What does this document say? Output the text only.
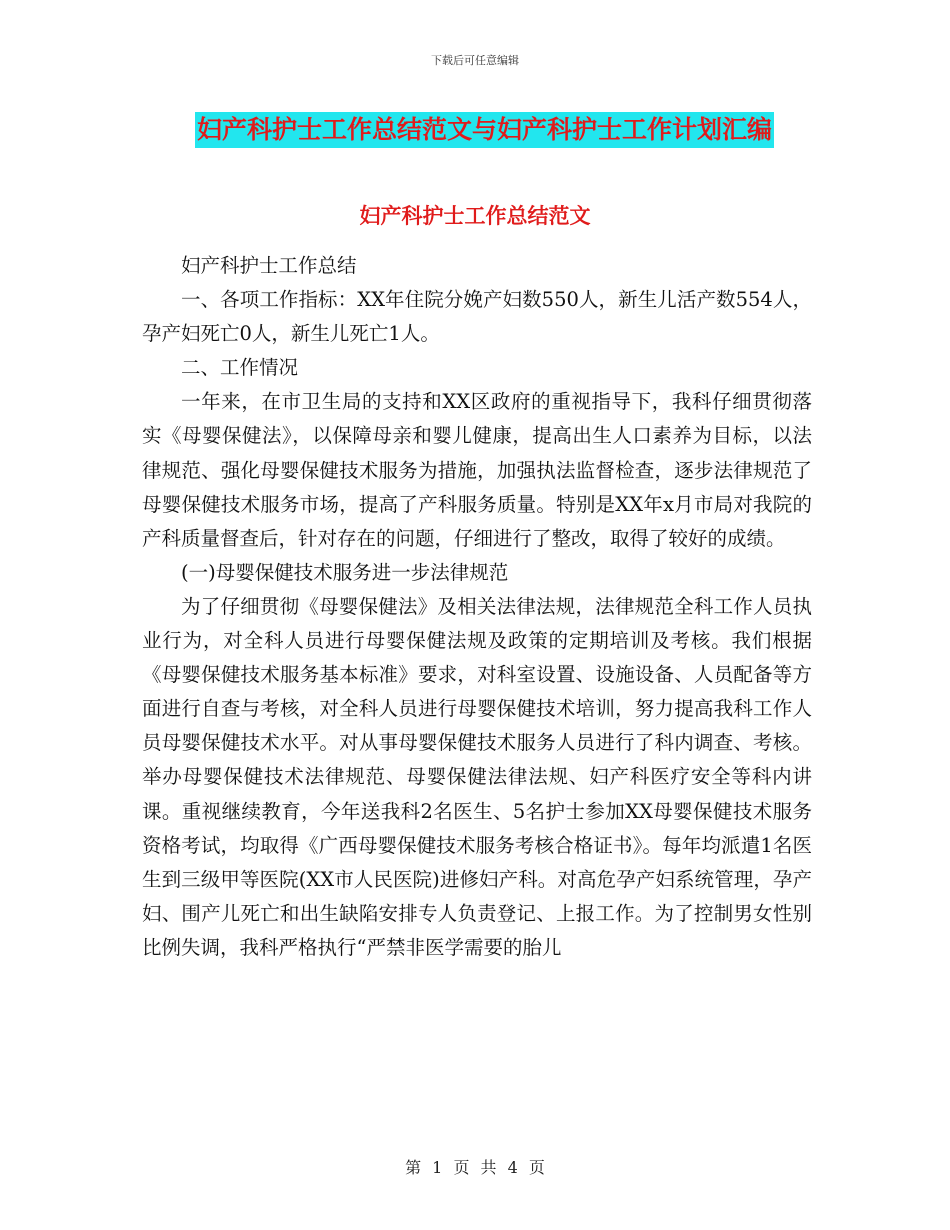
下载后可任意编辑
妇产科护士工作总结范文与妇产科护士工作计划汇编
妇产科护士工作总结范文

妇产科护士工作总结

一、各项工作指标：XX年住院分娩产妇数550人，新生儿活产数554人，孕产妇死亡0人，新生儿死亡1人。

二、工作情况

一年来，在市卫生局的支持和XX区政府的重视指导下，我科仔细贯彻落实《母婴保健法》，以保障母亲和婴儿健康，提高出生人口素养为目标，以法律规范、强化母婴保健技术服务为措施，加强执法监督检查，逐步法律规范了母婴保健技术服务市场，提高了产科服务质量。特别是XX年x月市局对我院的产科质量督查后，针对存在的问题，仔细进行了整改，取得了较好的成绩。

(一)母婴保健技术服务进一步法律规范

为了仔细贯彻《母婴保健法》及相关法律法规，法律规范全科工作人员执业行为，对全科人员进行母婴保健法规及政策的定期培训及考核。我们根据《母婴保健技术服务基本标准》要求，对科室设置、设施设备、人员配备等方面进行自查与考核，对全科人员进行母婴保健技术培训，努力提高我科工作人员母婴保健技术水平。对从事母婴保健技术服务人员进行了科内调查、考核。举办母婴保健技术法律规范、母婴保健法律法规、妇产科医疗安全等科内讲课。重视继续教育，今年送我科2名医生、5名护士参加XX母婴保健技术服务资格考试，均取得《广西母婴保健技术服务考核合格证书》。每年均派遣1名医生到三级甲等医院(XX市人民医院)进修妇产科。对高危孕产妇系统管理，孕产妇、围产儿死亡和出生缺陷安排专人负责登记、上报工作。为了控制男女性别比例失调，我科严格执行“严禁非医学需要的胎儿

第 1 页 共 4 页
